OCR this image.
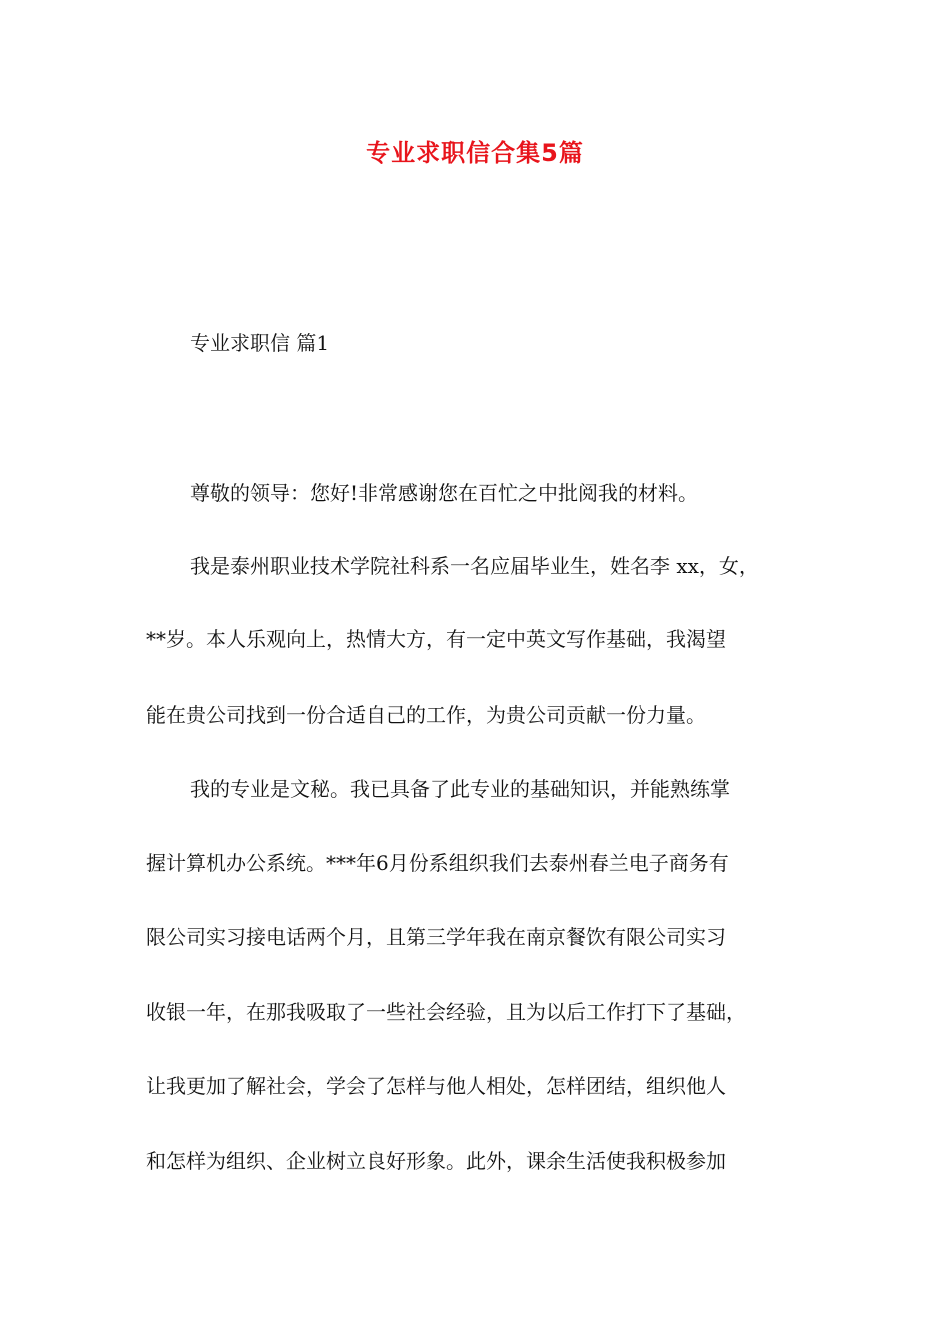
专业求职信合集5篇
专业求职信 篇1
尊敬的领导：您好!非常感谢您在百忙之中批阅我的材料。
我是泰州职业技术学院社科系一名应届毕业生，姓名李 xx，女，
**岁。本人乐观向上，热情大方，有一定中英文写作基础，我渴望
能在贵公司找到一份合适自己的工作，为贵公司贡献一份力量。
我的专业是文秘。我已具备了此专业的基础知识，并能熟练掌
握计算机办公系统。***年6月份系组织我们去泰州春兰电子商务有
限公司实习接电话两个月，且第三学年我在南京餐饮有限公司实习
收银一年，在那我吸取了一些社会经验，且为以后工作打下了基础，
让我更加了解社会，学会了怎样与他人相处，怎样团结，组织他人
和怎样为组织、企业树立良好形象。此外，课余生活使我积极参加
